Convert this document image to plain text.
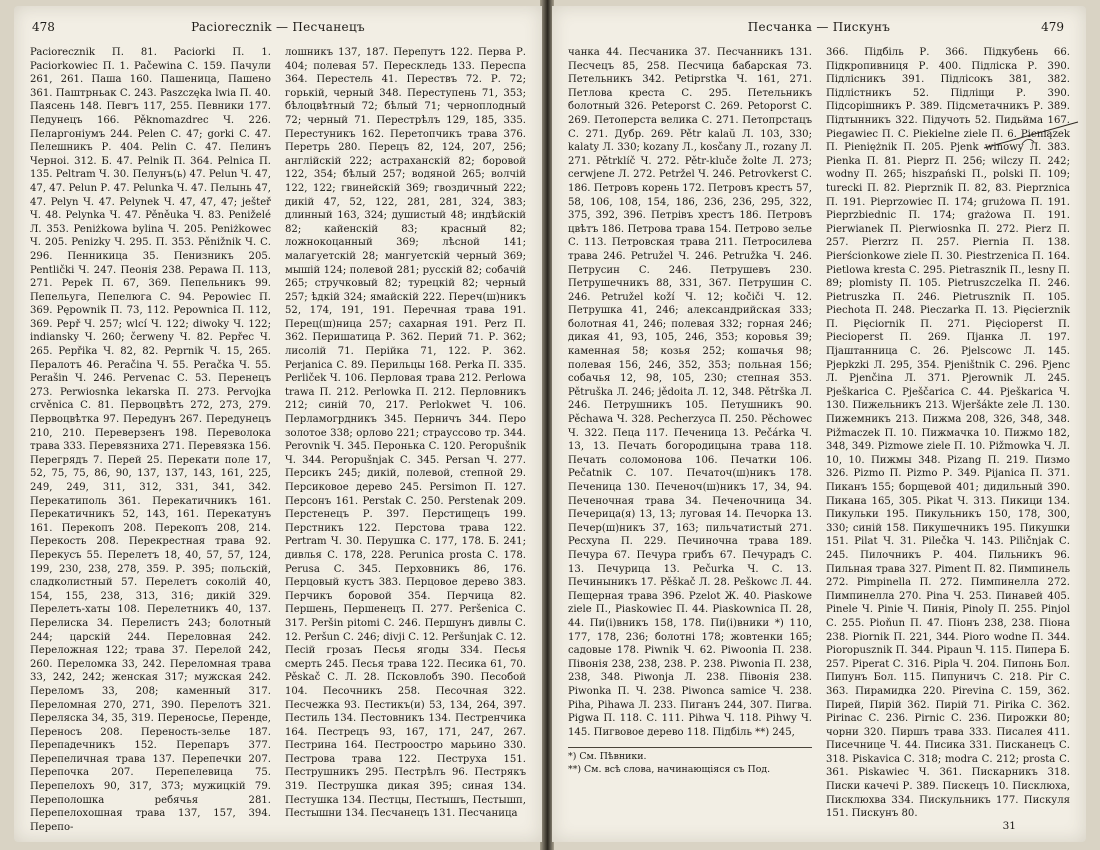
478	Paciorecznik — Песчанецъ

Paciorecznik П. 81. Paciorki П. 1. Paciorkowiec П. 1. Pačewina С. 159. Пачули 261, 261. Паша 160. Пашеница, Пашено 361. Паштрньак С. 243. Paszczęka lwia П. 40. Паясень 148. Певгъ 117, 255. Певники 177. Педунецъ 166. Pěknomazdrec Ч. 226. Пеларгоніумъ 244. Pelen С. 47; gorki С. 47. Пелешникъ Р. 404. Pelin С. 47. Пелинъ Черноі. 312. Б. 47. Pelnik П. 364. Pelnica П. 135. Peltram Ч. 30. Пелунъ(ь) 47. Pelun Ч. 47, 47, 47. Pelun Р. 47. Pelunka Ч. 47. Пелынь 47, 47. Pelyn Ч. 47. Pelynek Ч. 47, 47, 47; ješteř Ч. 48. Pelynka Ч. 47. Pěněuka Ч. 83. Peniželé Л. 353. Peniżkowa bylina Ч. 205. Peniżkowec Ч. 205. Penizky Ч. 295. П. 353. Pěnižnik Ч. С. 296. Пенникица 35. Пенизникъ 205. Pentlički Ч. 247. Пеонія 238. Pepawa П. 113, 271. Pepek П. 67, 369. Пепельникъ 99. Пепельуга, Пепелюга С. 94. Pepowiec П. 369. Pępownik П. 73, 112. Pepownica П. 112, 369. Pepř Ч. 257; wlcí Ч. 122; diwoky Ч. 122; indiansky Ч. 260; čerweny Ч. 82. Pepřec Ч. 265. Pepřika Ч. 82, 82. Peprnik Ч. 15, 265. Пералотъ 46. Peračina Ч. 55. Peračka Ч. 55. Perašin Ч. 246. Pervenac С. 53. Перенецъ 273. Perwiosnka lekarska П. 273. Pervojka crvěnica С. 81. Первоцвѣтъ 272, 273, 279. Первоцвѣтка 97. Передунъ 267. Передунецъ 210, 210. Переверзенъ 198. Переволока трава 333. Перевязниха 271. Перевязка 156. Перегрядъ 7. Перей 25. Перекати поле 17, 52, 75, 75, 86, 90, 137, 137, 143, 161, 225, 249, 249, 311, 312, 331, 341, 342. Перекатиполь 361. Перекатичникъ 161. Перекатичникъ 52, 143, 161. Перекатунъ 161. Перекопъ 208. Перекопъ 208, 214. Перекость 208. Перекрестная трава 92. Перекусъ 55. Перелетъ 18, 40, 57, 57, 124, 199, 230, 238, 278, 359. Р. 395; польскій, сладколистный 57. Перелетъ соколій 40, 154, 155, 238, 313, 316; дикій 329. Перелетъ-хаты 108. Перелетникъ 40, 137. Перелиска 34. Перелистъ 243; болотный 244; царскій 244. Переловная 242. Переложная 122; трава 37. Перелой 242, 260. Переломка 33, 242. Переломная трава 33, 242, 242; женская 317; мужская 242. Переломъ 33, 208; каменный 317. Переломная 270, 271, 390. Перелотъ 321. Переляска 34, 35, 319. Переносье, Перенде, Переносъ 208. Переность-зелье 187. Перепадечникъ 152. Перепаръ 377. Перепеличная трава 137. Перепечки 207. Перепочка 207. Перепелевица 75. Перепелохъ 90, 317, 373; мужицкій 79. Переполошка ребячья 281. Перепелохошная трава 137, 157, 394. Перепо-

лошникъ 137, 187. Перепутъ 122. Перва Р. 404; полевая 57. Перескледь 133. Переспа 364. Перестель 41. Перествъ 72. Р. 72; горькій, черный 348. Переступень 71, 353; бѣлоцвѣтный 72; бѣлый 71; черноплодный 72; черный 71. Перестрѣлъ 129, 185, 335. Перестуникъ 162. Перетопчикъ трава 376. Перетрь 280. Перецъ 82, 124, 207, 256; англійскій 222; астраханскій 82; боровой 122, 354; бѣлый 257; водяной 265; волчій 122, 122; гвинейскій 369; гвоздичный 222; дикій 47, 52, 122, 281, 281, 324, 383; длинный 163, 324; душистый 48; индѣйскій 82; кайенскій 83; красный 82; ложнокоцанный 369; лѣсной 141; малагуетскій 28; мангуетскій черный 369; мышій 124; полевой 281; русскій 82; собачій 265; стручковый 82; турецкій 82; черный 257; ѣдкій 324; ямайскій 222. Переч(ш)никъ 52, 174, 191, 191. Перечная трава 191. Перец(ш)ница 257; сахарная 191. Perz П. 362. Перишатица Р. 362. Перий 71. Р. 362; лисолій 71. Перійка 71, 122. Р. 362. Perjanica С. 89. Перильцы 168. Perka П. 335. Perliček Ч. 106. Перловая трава 212. Perlowa trawa П. 212. Perlowka П. 212. Перловникъ 212; синій 70, 217. Perlokwet Ч. 106. Перламогрдникъ 345. Перничъ 344. Перо золотое 338; орлово 221; страуссово тр. 344. Perovnik Ч. 345. Перонька С. 120. Perоpušnik Ч. 344. Perоpušnjak С. 345. Persan Ч. 277. Персикъ 245; дикій, полевой, степной 29. Персиковое дерево 245. Persimon П. 127. Персонъ 161. Perstak С. 250. Perstenak 209. Перстенецъ Р. 397. Перстищецъ 199. Перстникъ 122. Перстова трава 122. Pertram Ч. 30. Перушка С. 177, 178. Б. 241; дивлья С. 178, 228. Perunica prosta С. 178. Perusa С. 345. Перховникъ 86, 176. Перцовый кустъ 383. Перцовое дерево 383. Перчикъ боровой 354. Перчица 82. Першень, Першенецъ П. 277. Peršenica С. 317. Peršin pitomi С. 246. Першунъ дивлы С. 12. Peršun С. 246; divji С. 12. Peršunjak С. 12. Песій грозаъ Песья ягоды 334. Песья смерть 245. Песья трава 122. Песика 61, 70. Pěskač С. Л. 28. Псковлобъ 390. Песобой 104. Песочникъ 258. Песочная 322. Песчежка 93. Пестикъ(и) 53, 134, 264, 397. Пестиль 134. Пестовникъ 134. Пестренчика 164. Пестрецъ 93, 167, 171, 247, 267. Пестрина 164. Пестроостро марьино 330. Пестрова трава 122. Пеструха 151. Пеструшникъ 295. Пестрѣлъ 96. Пестрякъ 319. Пеструшка дикая 395; синая 134. Пестушка 134. Пестцы, Пестышъ, Пестышп, Пестышни 134. Песчанецъ 131. Песчаница

Песчанка — Пискунъ	479

чанка 44. Песчаника 37. Песчанникъ 131. Песчецъ 85, 258. Песчица бабарская 73. Петельникъ 342. Petiprstka Ч. 161, 271. Петлова креста С. 295. Петельникъ болотный 326. Peteporst С. 269. Petoporst С. 269. Петоперста велика С. 271. Петопрстацъ С. 271. Дубр. 269. Pětr kalaŭ Л. 103, 330; kalaty Л. 330; kozany Л., kosčany Л., rozany Л. 271. Pětrklíč Ч. 272. Pětr-kluče žolte Л. 273; cerwjene Л. 272. Petržel Ч. 246. Petrovkerst С. 186. Петровъ корень 172. Петровъ крестъ 57, 58, 106, 108, 154, 186, 236, 236, 295, 322, 375, 392, 396. Петрівъ хрестъ 186. Петровъ цвѣтъ 186. Петрова трава 154. Петрово зелье С. 113. Петровская трава 211. Петросилева трава 246. Petružel Ч. 246. Petružka Ч. 246. Петрусин С. 246. Петрушевъ 230. Петрушечникъ 88, 331, 367. Петрушин С. 246. Petružel koží Ч. 12; kočiči Ч. 12. Петрушка 41, 246; александрийская 333; болотная 41, 246; полевая 332; горная 246; дикая 41, 93, 105, 246, 353; коровья 39; каменная 58; козья 252; кошачья 98; полевая 156, 246, 352, 353; польная 156; собачья 12, 98, 105, 230; степная 353. Pětruška Л. 246; jědoita Л. 12, 348. Pětrška Л. 246. Петрушникъ 105. Петушникъ 90. Pěchawa Ч. 328. Pecherzyca П. 250. Pěchowec Ч. 322. Пеца 117. Печеница 13. Pečárka Ч. 13, 13. Печать богородицына трава 118. Печать соломонова 106. Печатки 106. Pečatnik С. 107. Печаточ(ш)никъ 178. Печеница 130. Печеноч(ш)никъ 17, 34, 94. Печеночная трава 34. Печеночница 34. Печерица(я) 13, 13; луговая 14. Печорка 13. Печер(ш)никъ 37, 163; пильчатистый 271. Pecxyna П. 229. Печиночна трава 189. Печура 67. Печура грибъ 67. Печурадъ С. 13. Печурица 13. Pečurka Ч. С. 13. Печиныникъ 17. Pěškač Л. 28. Peškowc Л. 44. Пещерная трава 396. Pzelot Ж. 40. Piaskowe ziele П., Piaskowiec П. 44. Piaskownica П. 28, 44. Пи(і)вникъ 158, 178. Пи(і)вники *) 110, 177, 178, 236; болотні 178; жовтенки 165; садовые 178. Piwnik Ч. 62. Piwoonia П. 238. Півонія 238, 238, 238. Р. 238. Piwonia П. 238, 238, 348. Piwonja Л. 238. Півонія 238. Piwonka П. Ч. 238. Piwonca samice Ч. 238. Piha, Pihawa Л. 233. Пиганъ 244, 307. Пигва. Pigwa П. 118. С. 111. Pihwa Ч. 118. Pihwy Ч. 145. Пигвовое дерево 118. Підбіль **) 245,

*) См. Пѣвники.

**) См. всѣ слова, начинающіяся съ Под.

366. Підбіль Р. 366. Підкубень 66. Підкропивниця Р. 400. Підліска Р. 390. Підлісникъ 391. Підлісокъ 381, 382. Підлістникъ 52. Підліщи Р. 390. Підсорішникъ Р. 389. Підсметачникъ Р. 389. Підтынникъ 322. Підучоть 52. Пидьйма 167. Piegawiec П. С. Piekielne ziele П. 6. Pieniązek П. Pieniężnik П. 205. Pjenk winowy Л. 383. Pienka П. 81. Pieprz П. 256; wilczy П. 242; wodny П. 265; hiszpański П., polski П. 109; turecki П. 82. Pieprznik П. 82, 83. Pieprznica П. 191. Pieprzowiec П. 174; grużowa П. 191. Pieprzbiednic П. 174; grażowa П. 191. Pierwianek П. Pierwiosnka П. 272. Pierz П. 257. Pierzrz П. 257. Piernia П. 138. Pierścionkowe ziele П. 30. Piestrzenica П. 164. Pietlowa kresta С. 295. Pietrasznik П., lesny П. 89; plomisty П. 105. Pietruszczelka П. 246. Pietruszka П. 246. Pietrusznik П. 105. Piechota П. 248. Pieczarka П. 13. Pięcierznik П. Pięciornik П. 271. Pięcioperst П. Piecioperst П. 269. Пјанка Л. 197. Пјаштанница С. 26. Pjelscowc Л. 145. Pjepkzki Л. 295, 354. Pjeništnik С. 296. Pjenc Л. Pjenčina Л. 371. Pjerownik Л. 245. Pješkarica С. Pješčarica С. 44. Pješkarica Ч. 130. Пижельникъ 213. Wjeršákte zele Л. 130. Пижемникъ 213. Пижма 208, 326, 348, 348. Pižmaczek П. 10. Пижмачка 10. Пижмо 182, 348, 349. Pizmowe ziele П. 10. Pižmowka Ч. Л. 10, 10. Пижмы 348. Pizang П. 219. Пизмо 326. Pizmo П. Pizmo Р. 349. Pijanica П. 371. Пиканъ 155; борщевой 401; дидильный 390. Пикана 165, 305. Pikat Ч. 313. Пикици 134. Пикульки 195. Пикульникъ 150, 178, 300, 330; синій 158. Пикушечникъ 195. Пикушки 151. Pilat Ч. 31. Pilečka Ч. 143. Piličnjak С. 245. Пилочникъ Р. 404. Пильникъ 96. Пильная трава 327. Piment П. 82. Пимпинель 272. Pimpinella П. 272. Пимпинелла 272. Пимпинелла 270. Pina Ч. 253. Пинавей 405. Pinele Ч. Pinie Ч. Пинія, Pinoly П. 255. Pinjol С. 255. Pioňun П. 47. Піонъ 238, 238. Піона 238. Piornik П. 221, 344. Pioro wodne П. 344. Pioropusznik П. 344. Pipaun Ч. 115. Пипера Б. 257. Piperat С. 316. Pipla Ч. 204. Пипонь Бол. Пипунъ Бол. 115. Пипуничъ С. 218. Pir С. 363. Пирамидка 220. Pirevina С. 159, 362. Пирей, Пирій 362. Пирій 71. Pirika С. 362. Pirinac С. 236. Pirnic С. 236. Пирожки 80; чорни 320. Пиршъ трава 333. Писалея 411. Писечнице Ч. 44. Писика 331. Писканецъ С. 318. Piskavica С. 318; modra С. 212; prosta С. 361. Piskawiec Ч. 361. Пискарникъ 318. Писки качечі Р. 389. Пискецъ 10. Писклюха, Писклюхва 334. Пискульникъ 177. Пискуля 151. Пискунъ 80.

31
